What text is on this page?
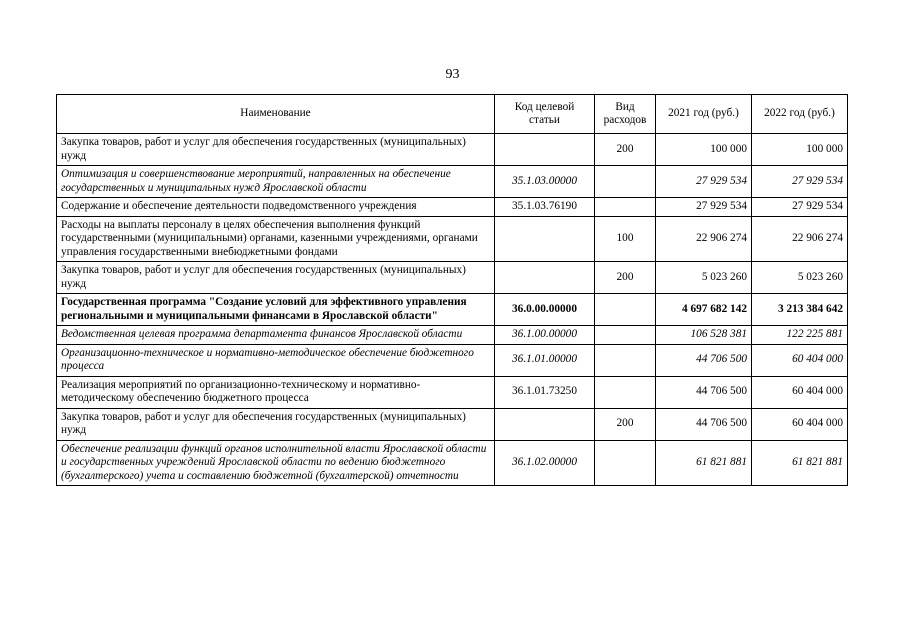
93
Наименование	Код целевой статьи	Вид расходов	2021 год (руб.)	2022 год (руб.)
Закупка товаров, работ и услуг для обеспечения государственных (муниципальных) нужд		200	100 000	100 000
Оптимизация и совершенствование мероприятий, направленных на обеспечение государственных и муниципальных нужд Ярославской области	35.1.03.00000		27 929 534	27 929 534
Содержание и обеспечение деятельности подведомственного учреждения	35.1.03.76190		27 929 534	27 929 534
Расходы на выплаты персоналу в целях обеспечения выполнения функций государственными (муниципальными) органами, казенными учреждениями, органами управления государственными внебюджетными фондами		100	22 906 274	22 906 274
Закупка товаров, работ и услуг для обеспечения государственных (муниципальных) нужд		200	5 023 260	5 023 260
Государственная программа "Создание условий для эффективного управления региональными и муниципальными финансами в Ярославской области"	36.0.00.00000		4 697 682 142	3 213 384 642
Ведомственная целевая программа департамента финансов Ярославской области	36.1.00.00000		106 528 381	122 225 881
Организационно-техническое и нормативно-методическое обеспечение бюджетного процесса	36.1.01.00000		44 706 500	60 404 000
Реализация мероприятий по организационно-техническому и нормативно-методическому обеспечению бюджетного процесса	36.1.01.73250		44 706 500	60 404 000
Закупка товаров, работ и услуг для обеспечения государственных (муниципальных) нужд		200	44 706 500	60 404 000
Обеспечение реализации функций органов исполнительной власти Ярославской области и государственных учреждений Ярославской области по ведению бюджетного (бухгалтерского) учета и составлению бюджетной (бухгалтерской) отчетности	36.1.02.00000		61 821 881	61 821 881
